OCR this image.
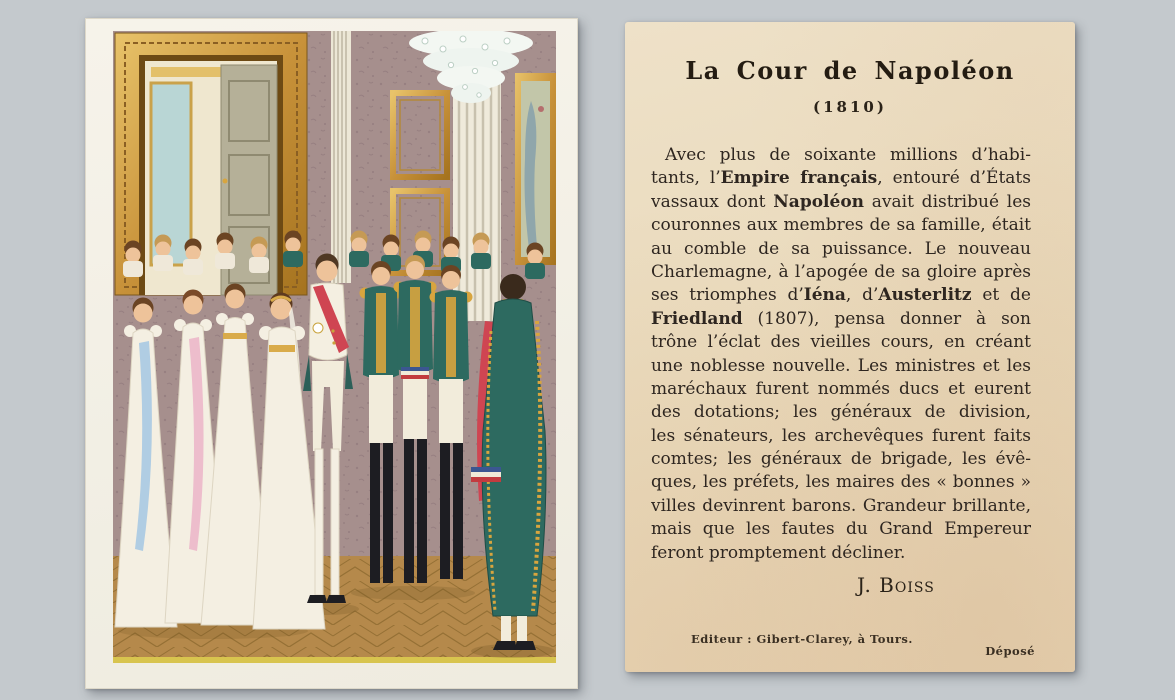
La Cour de Napoléon
(1810)
Avec plus de soixante millions d’habi-
tants, l’Empire français, entouré d’États
vassaux dont Napoléon avait distribué les
couronnes aux membres de sa famille, était
au comble de sa puissance. Le nouveau
Charlemagne, à l’apogée de sa gloire après
ses triomphes d’Iéna, d’Austerlitz et de
Friedland (1807), pensa donner à son
trône l’éclat des vieilles cours, en créant
une noblesse nouvelle. Les ministres et les
maréchaux furent nommés ducs et eurent
des dotations; les généraux de division,
les sénateurs, les archevêques furent faits
comtes; les généraux de brigade, les évê-
ques, les préfets, les maires des « bonnes »
villes devinrent barons. Grandeur brillante,
mais que les fautes du Grand Empereur
feront promptement décliner.
J. Boiss
Editeur : Gibert-Clarey, à Tours.
Déposé
